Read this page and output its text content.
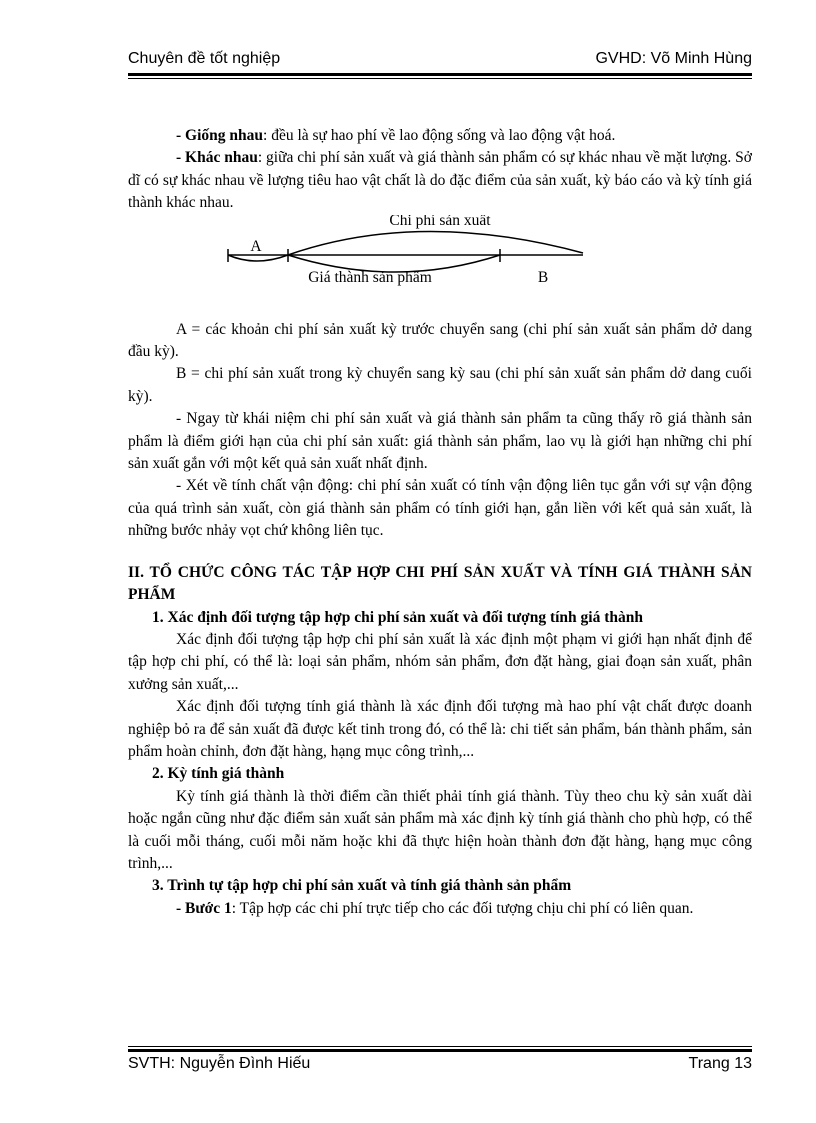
Chuyên đề tốt nghiệp	GVHD: Võ Minh Hùng

- Giống nhau: đều là sự hao phí về lao động sống và lao động vật hoá.

- Khác nhau: giữa chi phí sản xuất và giá thành sản phẩm có sự khác nhau về mặt lượng. Sở dĩ có sự khác nhau về lượng tiêu hao vật chất là do đặc điểm của sản xuất, kỳ báo cáo và kỳ tính giá thành khác nhau.

Chi phí sản xuất
A
Giá thành sản phẩm	B

A = các khoản chi phí sản xuất kỳ trước chuyển sang (chi phí sản xuất sản phẩm dở dang đầu kỳ).

B = chi phí sản xuất trong kỳ chuyển sang kỳ sau (chi phí sản xuất sản phẩm dở dang cuối kỳ).

- Ngay từ khái niệm chi phí sản xuất và giá thành sản phẩm ta cũng thấy rõ giá thành sản phẩm là điểm giới hạn của chi phí sản xuất: giá thành sản phẩm, lao vụ là giới hạn những chi phí sản xuất gắn với một kết quả sản xuất nhất định.

- Xét về tính chất vận động: chi phí sản xuất có tính vận động liên tục gắn với sự vận động của quá trình sản xuất, còn giá thành sản phẩm có tính giới hạn, gắn liền với kết quả sản xuất, là những bước nhảy vọt chứ không liên tục.

II. TỔ CHỨC CÔNG TÁC TẬP HỢP CHI PHÍ SẢN XUẤT VÀ TÍNH GIÁ THÀNH SẢN PHẨM

1. Xác định đối tượng tập hợp chi phí sản xuất và đối tượng tính giá thành

Xác định đối tượng tập hợp chi phí sản xuất là xác định một phạm vi giới hạn nhất định để tập hợp chi phí, có thể là: loại sản phẩm, nhóm sản phẩm, đơn đặt hàng, giai đoạn sản xuất, phân xưởng sản xuất,...

Xác định đối tượng tính giá thành là xác định đối tượng mà hao phí vật chất được doanh nghiệp bỏ ra để sản xuất đã được kết tinh trong đó, có thể là: chi tiết sản phẩm, bán thành phẩm, sản phẩm hoàn chỉnh, đơn đặt hàng, hạng mục công trình,...

2. Kỳ tính giá thành

Kỳ tính giá thành là thời điểm cần thiết phải tính giá thành. Tùy theo chu kỳ sản xuất dài hoặc ngắn cũng như đặc điểm sản xuất sản phẩm mà xác định kỳ tính giá thành cho phù hợp, có thể là cuối mỗi tháng, cuối mỗi năm hoặc khi đã thực hiện hoàn thành đơn đặt hàng, hạng mục công trình,...

3. Trình tự tập hợp chi phí sản xuất và tính giá thành sản phẩm

- Bước 1: Tập hợp các chi phí trực tiếp cho các đối tượng chịu chi phí có liên quan.

SVTH: Nguyễn Đình Hiếu	Trang 13
